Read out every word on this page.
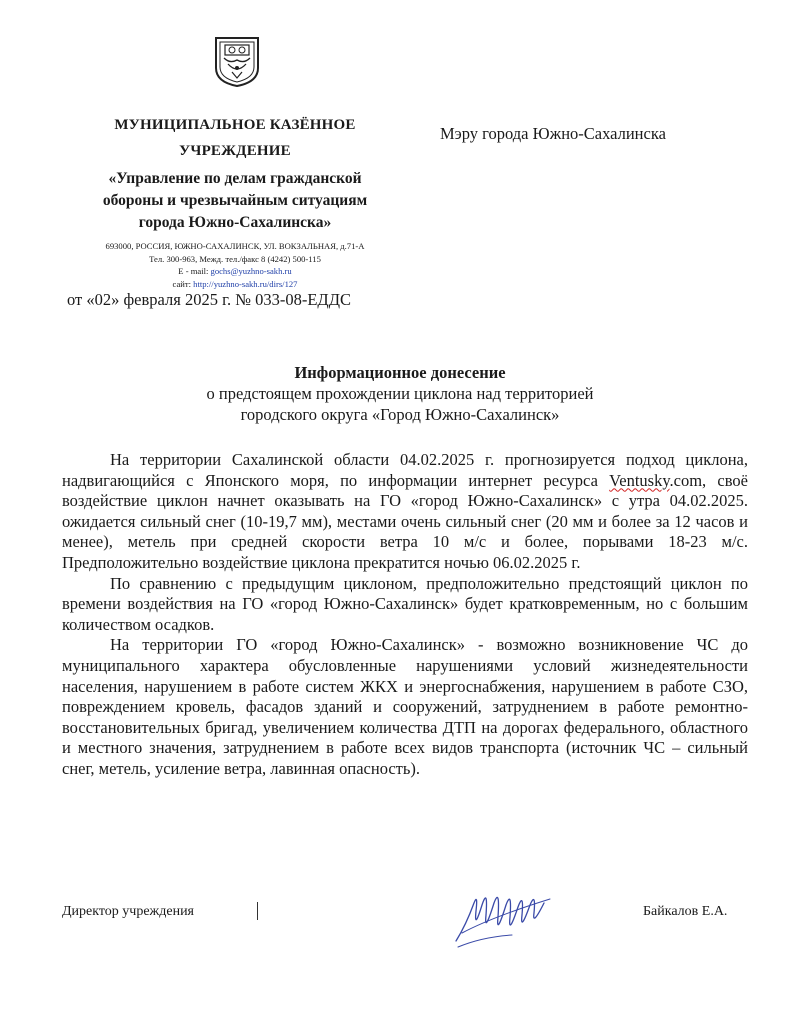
МУНИЦИПАЛЬНОЕ КАЗЁННОЕ
УЧРЕЖДЕНИЕ
«Управление по делам гражданской
обороны и чрезвычайным ситуациям
города Южно-Сахалинска»
693000, РОССИЯ, ЮЖНО-САХАЛИНСК, УЛ. ВОКЗАЛЬНАЯ, д.71-А
Тел. 300-963, Межд. тел./факс 8 (4242) 500-115
E - mail: gochs@yuzhno-sakh.ru
сайт: http://yuzhno-sakh.ru/dirs/127
от «02» февраля 2025 г. № 033-08-ЕДДС
Мэру города Южно-Сахалинска
Информационное донесение
о предстоящем прохождении циклона над территорией
городского округа «Город Южно-Сахалинск»

На территории Сахалинской области 04.02.2025 г. прогнозируется подход циклона, надвигающийся с Японского моря, по информации интернет ресурса Ventusky.com, своё воздействие циклон начнет оказывать на ГО «город Южно-Сахалинск» с утра 04.02.2025. ожидается сильный снег (10-19,7 мм), местами очень сильный снег (20 мм и более за 12 часов и менее), метель при средней скорости ветра 10 м/с и более, порывами 18-23 м/с. Предположительно воздействие циклона прекратится ночью 06.02.2025 г.

По сравнению с предыдущим циклоном, предположительно предстоящий циклон по времени воздействия на ГО «город Южно-Сахалинск» будет кратковременным, но с большим количеством осадков.

На территории ГО «город Южно-Сахалинск» - возможно возникновение ЧС до муниципального характера обусловленные нарушениями условий жизнедеятельности населения, нарушением в работе систем ЖКХ и энергоснабжения, нарушением в работе СЗО, повреждением кровель, фасадов зданий и сооружений, затруднением в работе ремонтно-восстановительных бригад, увеличением количества ДТП на дорогах федерального, областного и местного значения, затруднением в работе всех видов транспорта (источник ЧС – сильный снег, метель, усиление ветра, лавинная опасность).

Директор учреждения	Байкалов Е.А.
